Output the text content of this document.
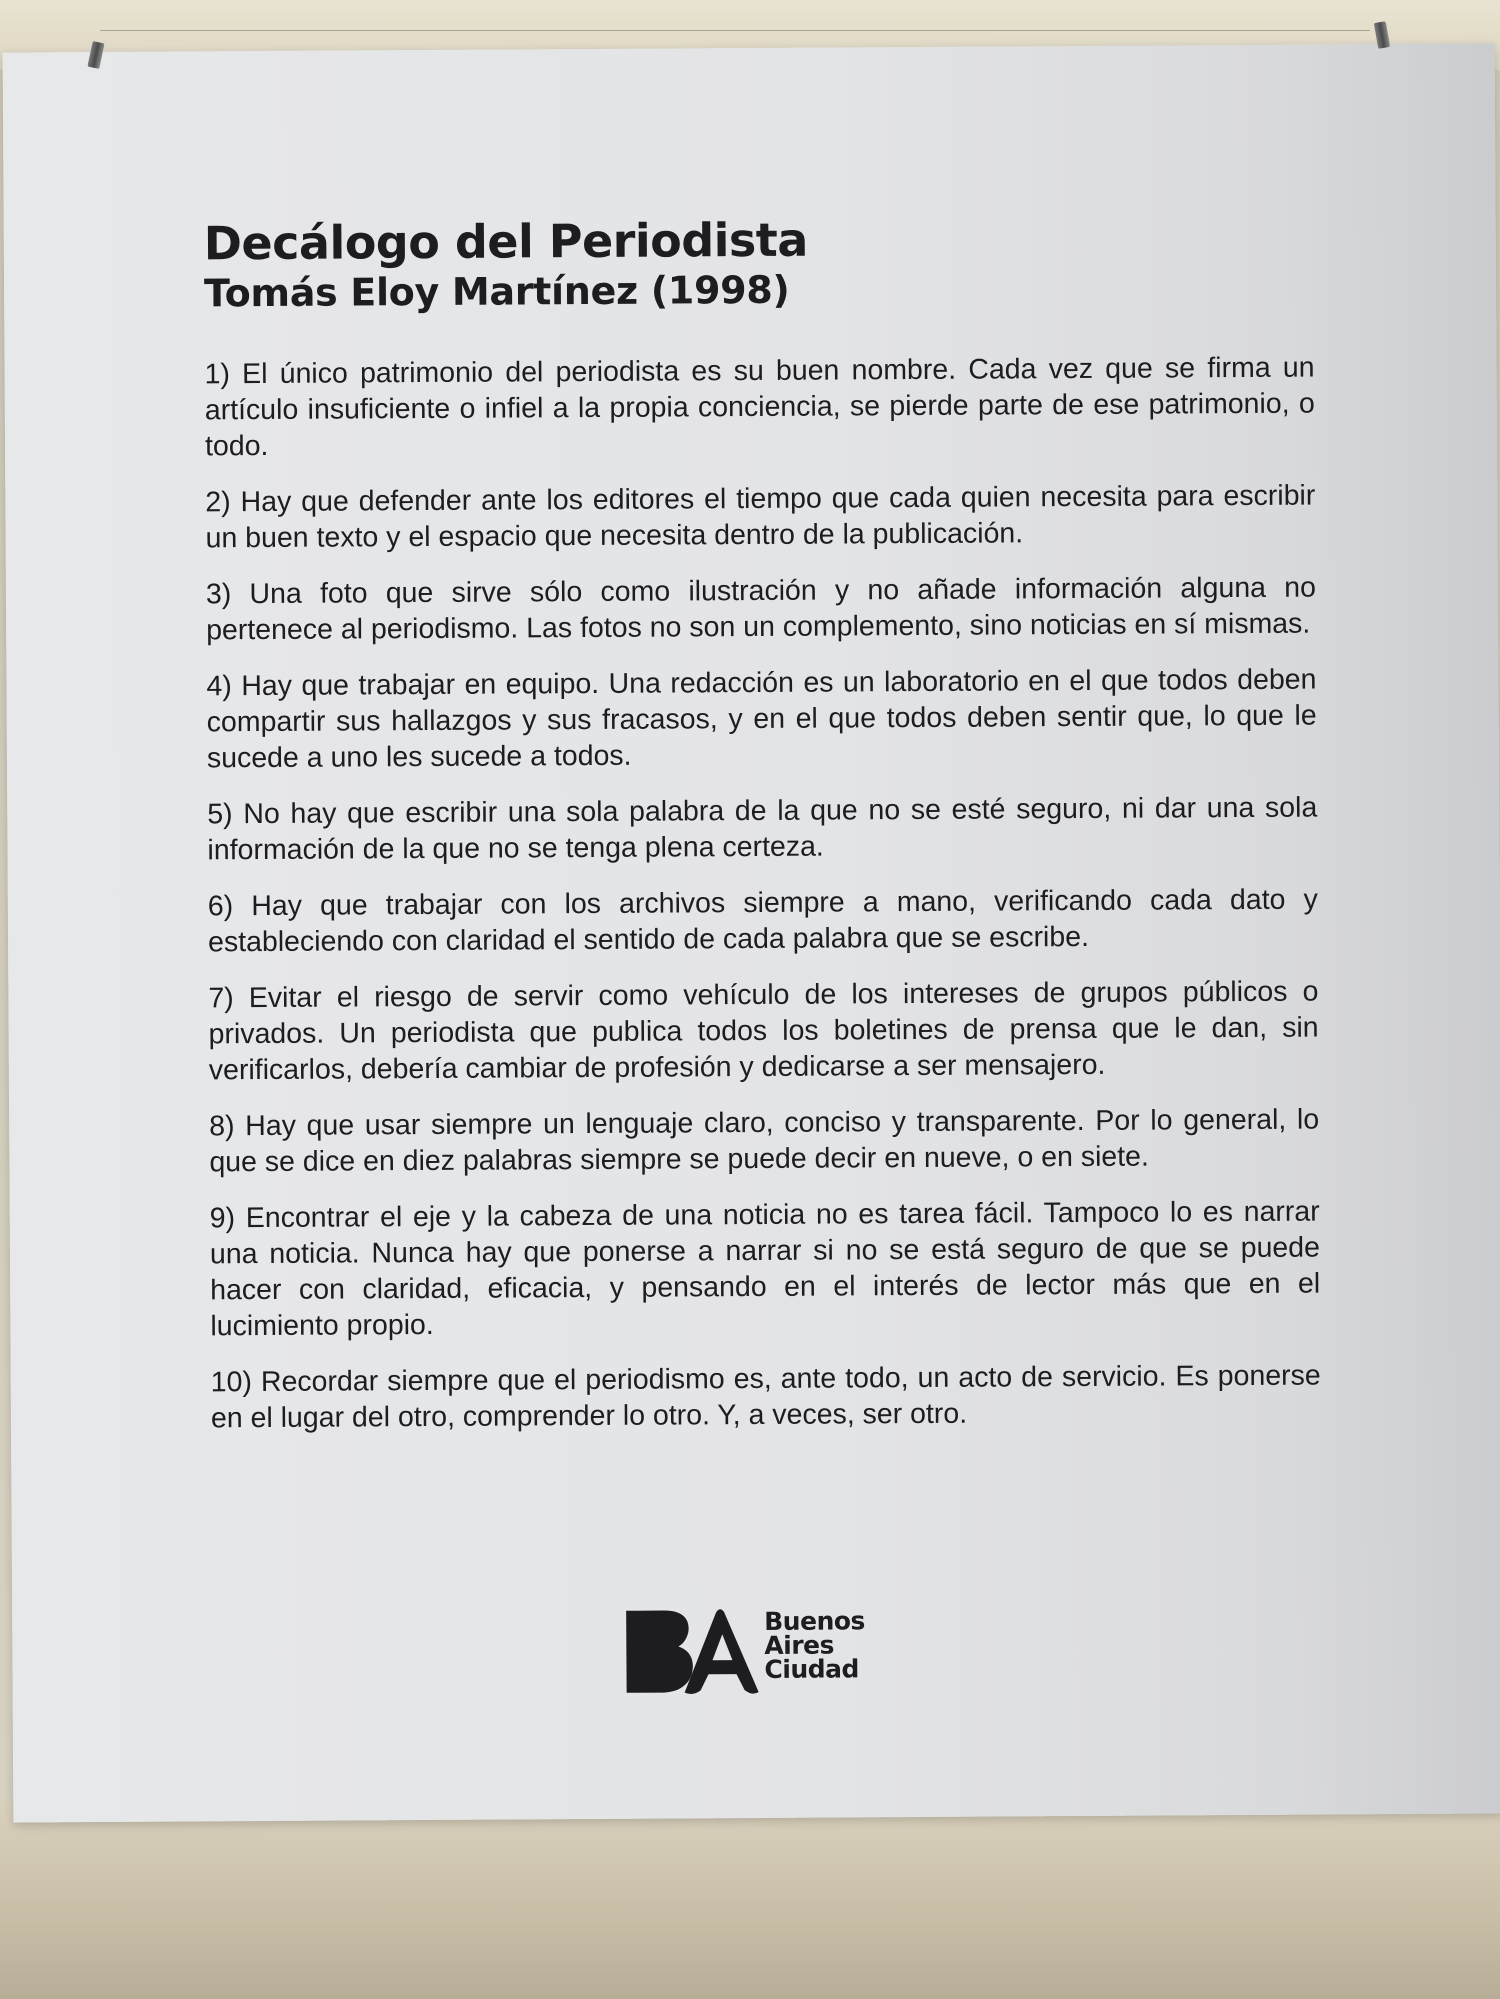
Decálogo del Periodista
Tomás Eloy Martínez (1998)
1) El único patrimonio del periodista es su buen nombre. Cada vez que se firma un artículo insuficiente o infiel a la propia conciencia, se pierde parte de ese patrimonio, o todo.
2) Hay que defender ante los editores el tiempo que cada quien necesita para escribir un buen texto y el espacio que necesita dentro de la publicación.
3) Una foto que sirve sólo como ilustración y no añade información alguna no pertenece al periodismo. Las fotos no son un complemento, sino noticias en sí mismas.
4) Hay que trabajar en equipo. Una redacción es un laboratorio en el que todos deben compartir sus hallazgos y sus fracasos, y en el que todos deben sentir que, lo que le sucede a uno les sucede a todos.
5) No hay que escribir una sola palabra de la que no se esté seguro, ni dar una sola información de la que no se tenga plena certeza.
6) Hay que trabajar con los archivos siempre a mano, verificando cada dato y estableciendo con claridad el sentido de cada palabra que se escribe.
7) Evitar el riesgo de servir como vehículo de los intereses de grupos públicos o privados. Un periodista que publica todos los boletines de prensa que le dan, sin verificarlos, debería cambiar de profesión y dedicarse a ser mensajero.
8) Hay que usar siempre un lenguaje claro, conciso y transparente. Por lo general, lo que se dice en diez palabras siempre se puede decir en nueve, o en siete.
9) Encontrar el eje y la cabeza de una noticia no es tarea fácil. Tampoco lo es narrar una noticia. Nunca hay que ponerse a narrar si no se está seguro de que se puede hacer con claridad, eficacia, y pensando en el interés de lector más que en el lucimiento propio.
10) Recordar siempre que el periodismo es, ante todo, un acto de servicio. Es ponerse en el lugar del otro, comprender lo otro. Y, a veces, ser otro.
Buenos
Aires
Ciudad
